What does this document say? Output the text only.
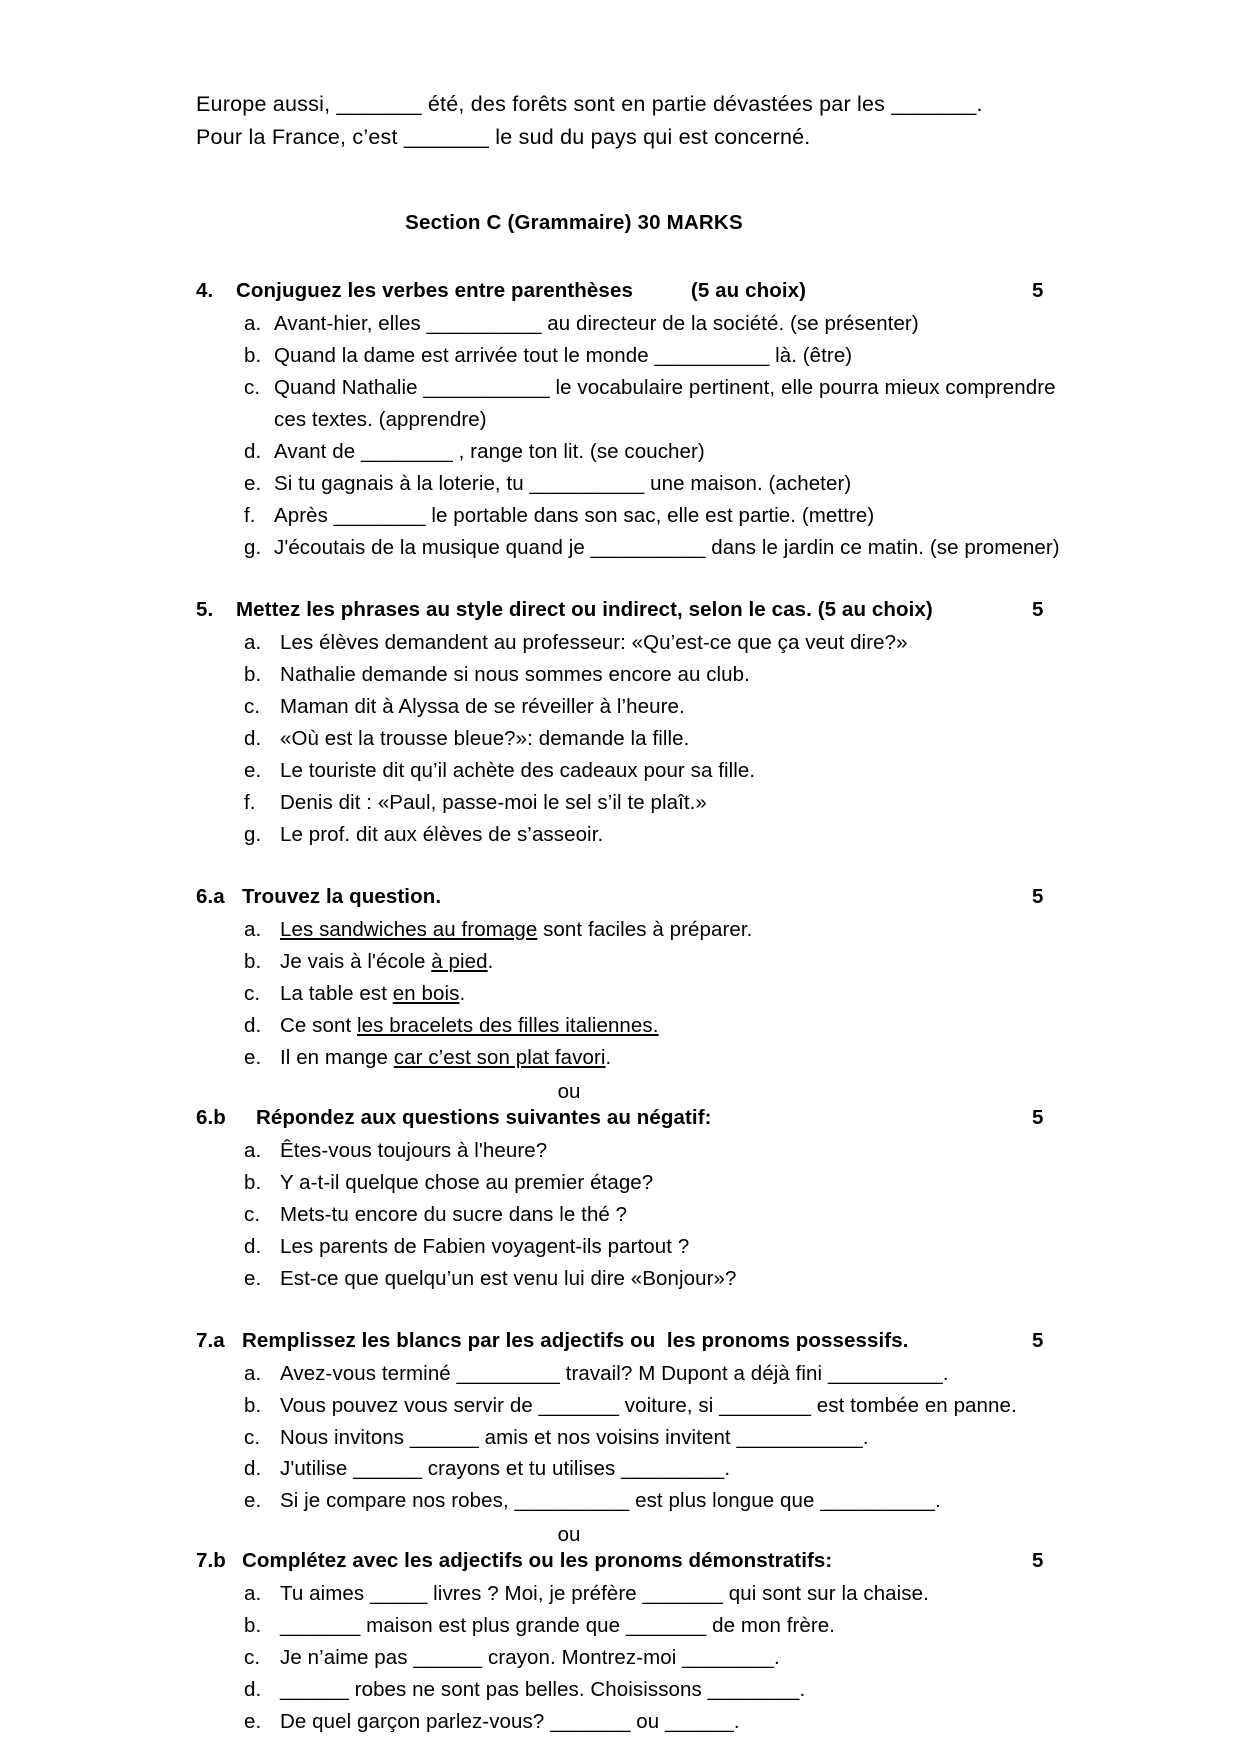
Europe aussi, _______ été, des forêts sont en partie dévastées par les _______. Pour la France, c’est _______ le sud du pays qui est concerné.

Section C (Grammaire) 30 MARKS
4.	Conjuguez les verbes entre parenthèses          (5 au choix)	5
a. Avant-hier, elles __________ au directeur de la société. (se présenter)
b. Quand la dame est arrivée tout le monde __________ là. (être)
c. Quand Nathalie ___________ le vocabulaire pertinent, elle pourra mieux comprendre ces textes. (apprendre)
d. Avant de ________ , range ton lit. (se coucher)
e. Si tu gagnais à la loterie, tu __________ une maison. (acheter)
f. Après ________ le portable dans son sac, elle est partie. (mettre)
g. J'écoutais de la musique quand je __________ dans le jardin ce matin. (se promener)
5.	Mettez les phrases au style direct ou indirect, selon le cas. (5 au choix)	5
a. Les élèves demandent au professeur: «Qu’est-ce que ça veut dire?»
b. Nathalie demande si nous sommes encore au club.
c. Maman dit à Alyssa de se réveiller à l’heure.
d. «Où est la trousse bleue?»: demande la fille.
e. Le touriste dit qu’il achète des cadeaux pour sa fille.
f.	Denis dit : «Paul, passe-moi le sel s’il te plaît.»
g. Le prof. dit aux élèves de s’asseoir.
6.a Trouvez la question.	5
a. Les sandwiches au fromage sont faciles à préparer.
b. Je vais à l'école à pied.
c. La table est en bois.
d. Ce sont les bracelets des filles italiennes.
e. Il en mange car c’est son plat favori.
ou
6.b	Répondez aux questions suivantes au négatif:	5
a. Êtes-vous toujours à l'heure?
b. Y a-t-il quelque chose au premier étage?
c. Mets-tu encore du sucre dans le thé ?
d. Les parents de Fabien voyagent-ils partout ?
e. Est-ce que quelqu’un est venu lui dire «Bonjour»?
7.a Remplissez les blancs par les adjectifs ou  les pronoms possessifs.	5
a. Avez-vous terminé _________ travail? M Dupont a déjà fini __________.
b. Vous pouvez vous servir de _______ voiture, si ________ est tombée en panne.
c. Nous invitons ______ amis et nos voisins invitent ___________.
d. J'utilise ______ crayons et tu utilises _________.
e. Si je compare nos robes, __________ est plus longue que __________.
ou
7.b Complétez avec les adjectifs ou les pronoms démonstratifs:	5
a. Tu aimes _____ livres ? Moi, je préfère _______ qui sont sur la chaise.
b. _______ maison est plus grande que _______ de mon frère.
c. Je n’aime pas ______ crayon. Montrez-moi ________.
d. ______ robes ne sont pas belles. Choisissons ________.
e. De quel garçon parlez-vous? _______ ou ______.
